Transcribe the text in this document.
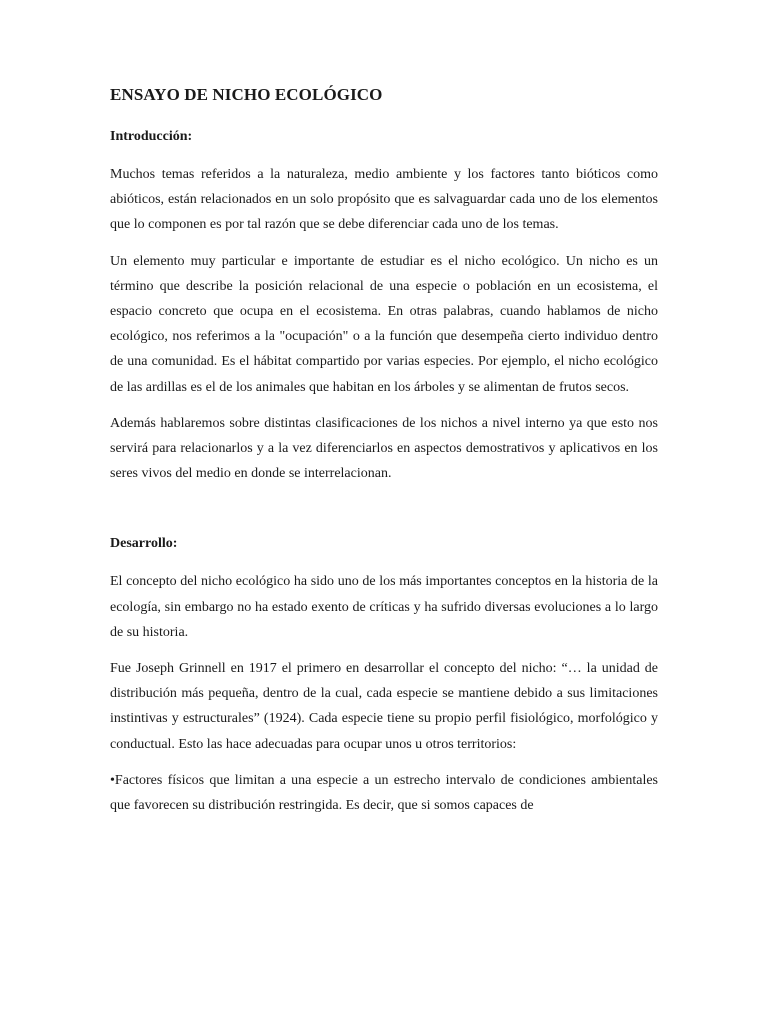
ENSAYO DE NICHO ECOLÓGICO
Introducción:

Muchos temas referidos a la naturaleza, medio ambiente y los factores tanto bióticos como abióticos, están relacionados en un solo propósito que es salvaguardar cada uno de los elementos que lo componen es por tal razón que se debe diferenciar cada uno de los temas.

Un elemento muy particular e importante de estudiar es el nicho ecológico. Un nicho es un término que describe la posición relacional de una especie o población en un ecosistema, el espacio concreto que ocupa en el ecosistema. En otras palabras, cuando hablamos de nicho ecológico, nos referimos a la "ocupación" o a la función que desempeña cierto individuo dentro de una comunidad. Es el hábitat compartido por varias especies. Por ejemplo, el nicho ecológico de las ardillas es el de los animales que habitan en los árboles y se alimentan de frutos secos.

Además hablaremos sobre distintas clasificaciones de los nichos a nivel interno ya que esto nos servirá para relacionarlos y a la vez diferenciarlos en aspectos demostrativos y aplicativos en los seres vivos del medio en donde se interrelacionan.

Desarrollo:

El concepto del nicho ecológico ha sido uno de los más importantes conceptos en la historia de la ecología, sin embargo no ha estado exento de críticas y ha sufrido diversas evoluciones a lo largo de su historia.

Fue Joseph Grinnell en 1917 el primero en desarrollar el concepto del nicho: “… la unidad de distribución más pequeña, dentro de la cual, cada especie se mantiene debido a sus limitaciones instintivas y estructurales” (1924). Cada especie tiene su propio perfil fisiológico, morfológico y conductual. Esto las hace adecuadas para ocupar unos u otros territorios:

•Factores físicos que limitan a una especie a un estrecho intervalo de condiciones ambientales que favorecen su distribución restringida. Es decir, que si somos capaces de
